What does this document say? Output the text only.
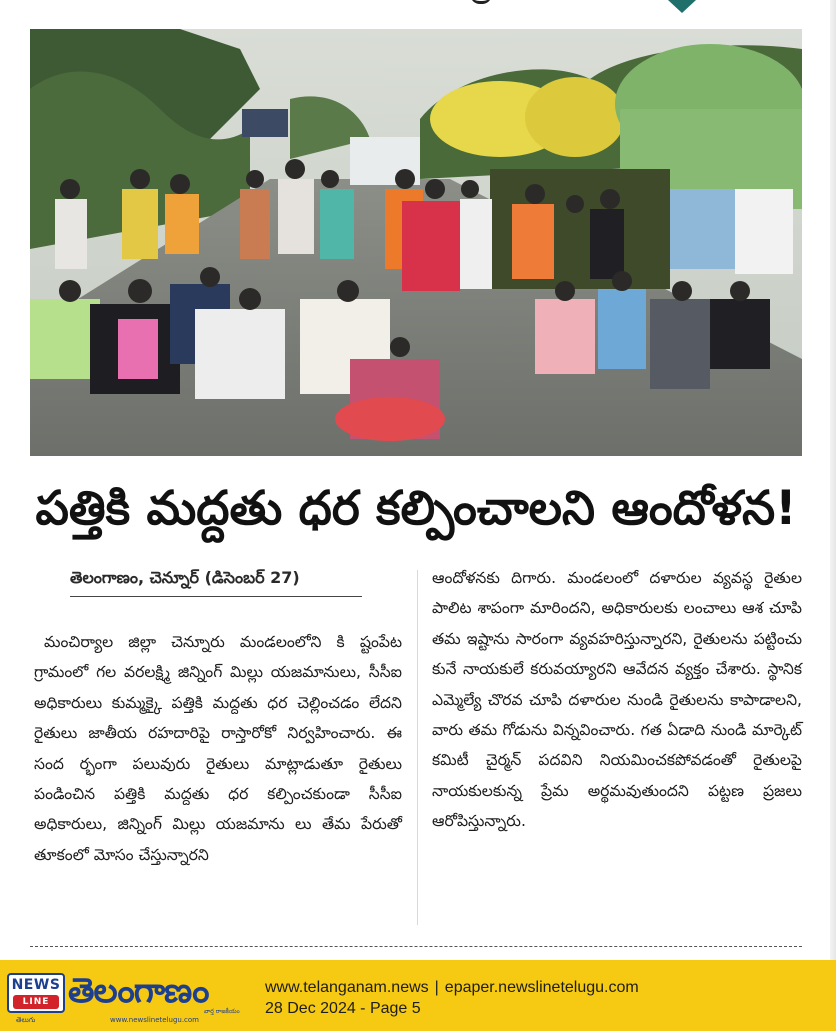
పత్తికి మద్దతు ధర కల్పించాలని ఆందోళన!
తెలంగాణం, చెన్నూర్ (డిసెంబర్ 27)

మంచిర్యాల జిల్లా చెన్నూరు మండలంలోని కి ష్టంపేట గ్రామంలో గల వరలక్ష్మి జిన్నింగ్ మిల్లు యజమానులు, సీసీఐ అధికారులు కుమ్మక్కై పత్తికి మద్దతు ధర చెల్లించడం లేదని రైతులు జాతీయ రహదారిపై రాస్తారోకో నిర్వహించారు. ఈ సంద ర్భంగా పలువురు రైతులు మాట్లాడుతూ రైతులు పండించిన పత్తికి మద్దతు ధర కల్పించకుండా సీసీఐ అధికారులు, జిన్నింగ్ మిల్లు యజమాను లు తేమ పేరుతో తూకంలో మోసం చేస్తున్నారని

ఆందోళనకు దిగారు. మండలంలో దళారుల వ్యవస్థ రైతుల పాలిట శాపంగా మారిందని, అధికారులకు లంచాలు ఆశ చూపి తమ ఇష్టాను సారంగా వ్యవహరిస్తున్నారని, రైతులను పట్టించు కునే నాయకులే కరువయ్యారని ఆవేదన వ్యక్తం చేశారు. స్థానిక ఎమ్మెల్యే చొరవ చూపి దళారుల నుండి రైతులను కాపాడాలని, వారు తమ గోడును విన్నవించారు. గత ఏడాది నుండి మార్కెట్ కమిటీ చైర్మన్ పదవిని నియమించకపోవడంతో రైతులపై నాయకులకున్న ప్రేమ అర్థమవుతుందని పట్టణ ప్రజలు ఆరోపిస్తున్నారు.

NEWS
LINE
తెలుగు
తెలంగాణం
వార్త రాజకీయం
www.newslinetelugu.com
www.telanganam.news | epaper.newslinetelugu.com
28 Dec 2024 - Page 5
